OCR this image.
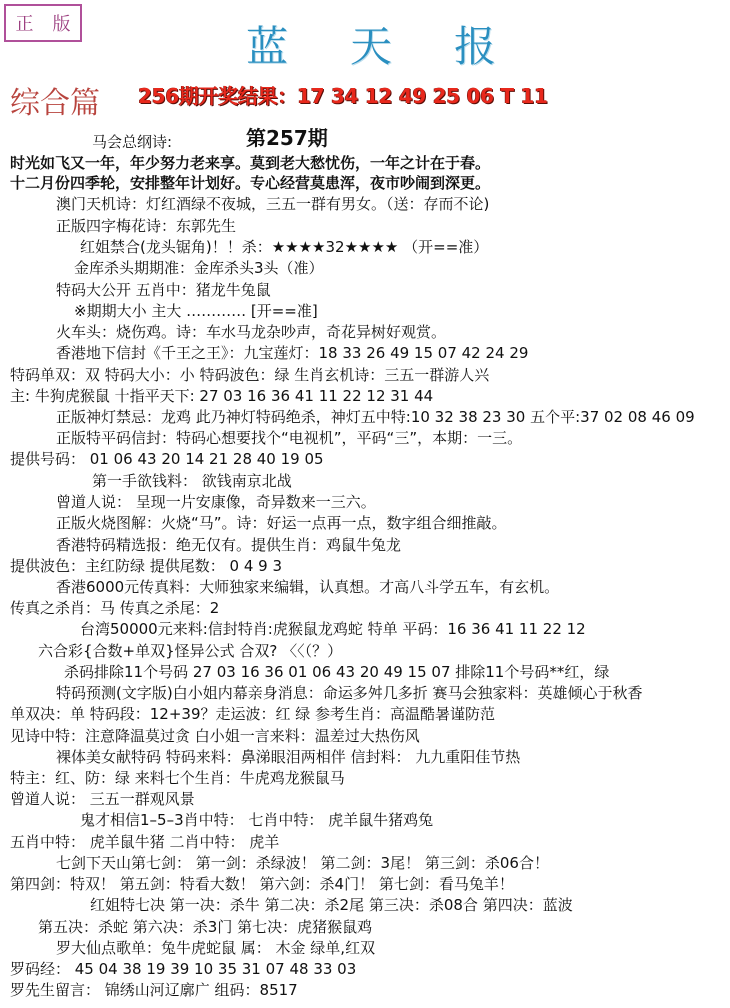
正 版	蓝 天 报
综合篇 256期开奖结果：17 34 12 49 25 06 T 11
第257期
马会总纲诗:
时光如飞又一年，年少努力老来享。莫到老大愁忧伤，一年之计在于春。
十二月份四季轮，安排整年计划好。专心经营莫患浑，夜市吵闹到深更。
澳门天机诗：灯红酒绿不夜城，三五一群有男女。（送：存而不论)
正版四字梅花诗：东郭先生
红姐禁合(龙头锯角)！！杀：★★★★32★★★★ （开==准）
金库杀头期期准：金库杀头3头（准）
特码大公开 五肖中：猪龙牛兔鼠
※期期大小 主大 ………… [开==准]
火车头：烧伤鸡。诗：车水马龙杂吵声，奇花异树好观赏。
香港地下信封《千王之王》：九宝莲灯：18 33 26 49 15 07 42 24 29
特码单双：双 特码大小：小 特码波色：绿 生肖玄机诗：三五一群游人兴
主: 牛狗虎猴鼠 十指平天下: 27 03 16 36 41 11 22 12 31 44
正版神灯禁忌：龙鸡 此乃神灯特码绝杀，神灯五中特:10 32 38 23 30 五个平:37 02 08 46 09
正版特平码信封：特码心想要找个“电视机”，平码“三”，本期：一三。
提供号码： 01 06 43 20 14 21 28 40 19 05
第一手欲钱料： 欲钱南京北战
曾道人说： 呈现一片安康像，奇异数来一三六。
正版火烧图解：火烧“马”。诗：好运一点再一点，数字组合细推敲。
香港特码精选报：绝无仅有。提供生肖：鸡鼠牛兔龙
提供波色：主红防绿 提供尾数： 0 4 9 3
香港6000元传真料：大师独家来编辑，认真想。才高八斗学五车，有玄机。
传真之杀肖：马 传真之杀尾：2
台湾50000元来料:信封特肖:虎猴鼠龙鸡蛇 特单 平码：16 36 41 11 22 12
六合彩{合数+单双}怪异公式 合双? 〈〈（？）
杀码排除11个号码 27 03 16 36 01 06 43 20 49 15 07 排除11个号码**红，绿
特码预测(文字版)白小姐内幕亲身消息：命运多舛几多折 赛马会独家料：英雄倾心于秋香
单双决：单 特码段：12+39？走运波：红 绿 参考生肖：高温酷暑谨防范
见诗中特：注意降温莫过贪 白小姐一言来料：温差过大热伤风
裸体美女献特码 特码来料：鼻涕眼泪两相伴 信封料： 九九重阳佳节热
特主：红、防：绿 来料七个生肖：牛虎鸡龙猴鼠马
曾道人说： 三五一群观风景
鬼才相信1–5–3肖中特： 七肖中特： 虎羊鼠牛猪鸡兔
五肖中特： 虎羊鼠牛猪 二肖中特： 虎羊
七剑下天山第七剑： 第一剑：杀绿波！ 第二剑：3尾！ 第三剑：杀06合！
第四剑：特双！ 第五剑：特看大数！ 第六剑：杀4门！ 第七剑：看马兔羊！
红姐特七决 第一决：杀牛 第二决：杀2尾 第三决：杀08合 第四决：蓝波
第五决：杀蛇 第六决：杀3门 第七决：虎猪猴鼠鸡
罗大仙点歌单：兔牛虎蛇鼠 属： 木金 绿单,红双
罗码经： 45 04 38 19 39 10 35 31 07 48 33 03
罗先生留言： 锦绣山河辽廓广 组码：8517
